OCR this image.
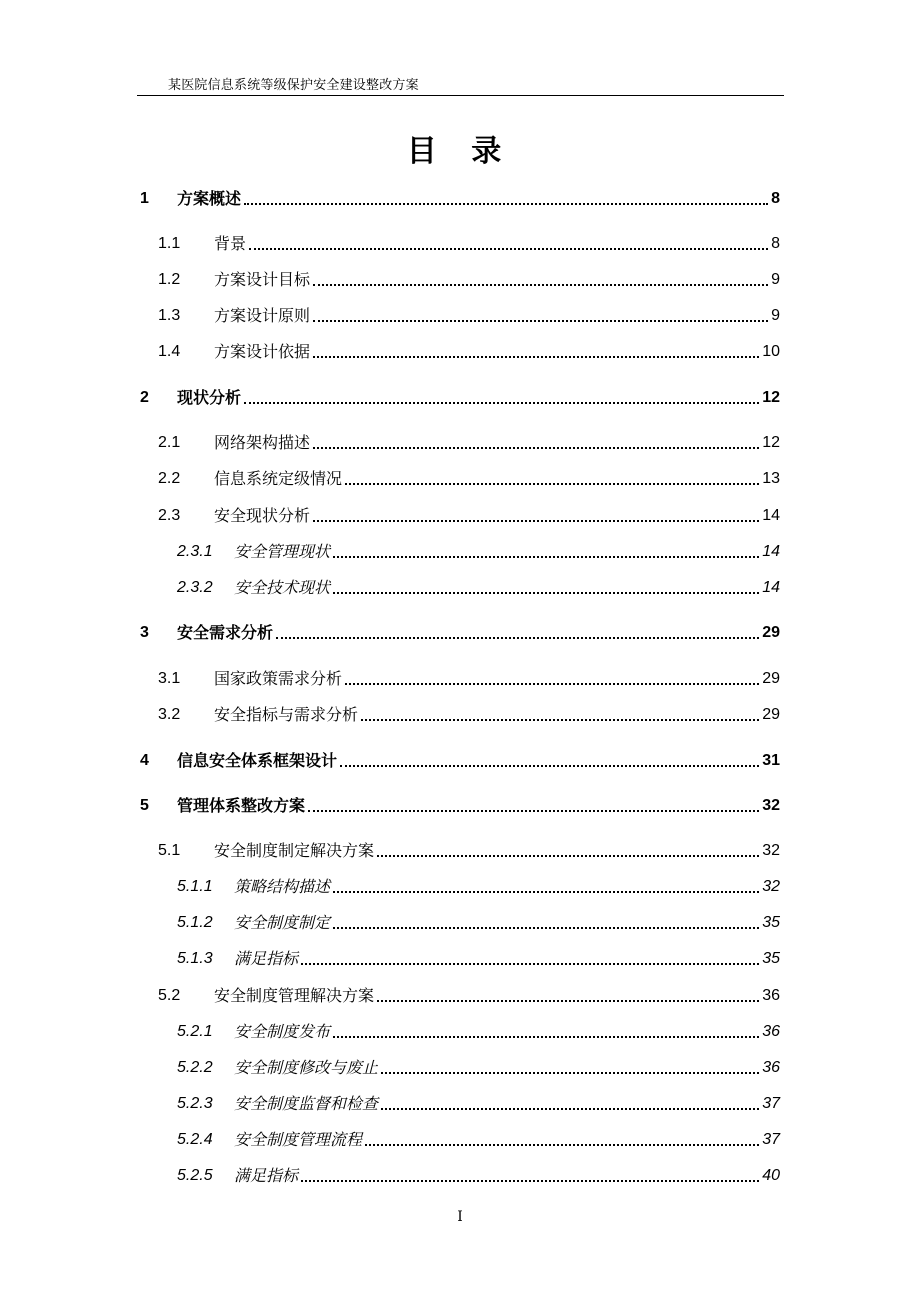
某医院信息系统等级保护安全建设整改方案
目 录
1	方案概述	8
1.1	背景	8
1.2	方案设计目标	9
1.3	方案设计原则	9
1.4	方案设计依据	10
2	现状分析	12
2.1	网络架构描述	12
2.2	信息系统定级情况	13
2.3	安全现状分析	14
2.3.1	安全管理现状	14
2.3.2	安全技术现状	14
3	安全需求分析	29
3.1	国家政策需求分析	29
3.2	安全指标与需求分析	29
4	信息安全体系框架设计	31
5	管理体系整改方案	32
5.1	安全制度制定解决方案	32
5.1.1	策略结构描述	32
5.1.2	安全制度制定	35
5.1.3	满足指标	35
5.2	安全制度管理解决方案	36
5.2.1	安全制度发布	36
5.2.2	安全制度修改与废止	36
5.2.3	安全制度监督和检查	37
5.2.4	安全制度管理流程	37
5.2.5	满足指标	40
I
